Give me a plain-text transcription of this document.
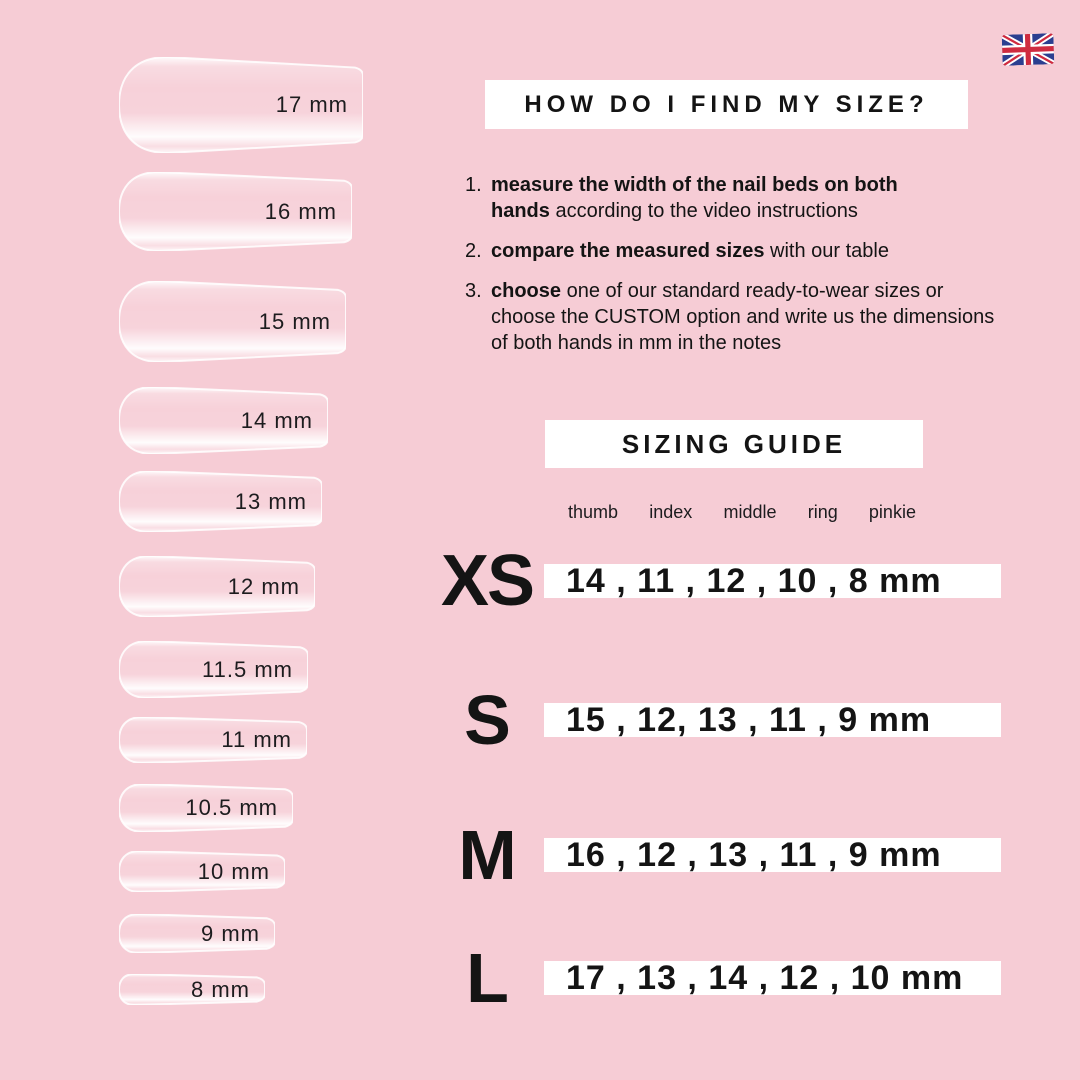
HOW DO I FIND MY SIZE?
1. measure the width of the nail beds on both
hands according to the video instructions
2. compare the measured sizes with our table
3. choose one of our standard ready-to-wear sizes or
choose the CUSTOM option and write us the dimensions
of both hands in mm in the notes
SIZING GUIDE
thumb index middle ring pinkie
XS 14 , 11 , 12 , 10 , 8 mm
S	15 , 12, 13 , 11 , 9 mm
M	16 , 12 , 13 , 11 , 9 mm
L	17 , 13 , 14 , 12 , 10 mm
17 mm
16 mm
15 mm
14 mm
13 mm
12 mm
11.5 mm
11 mm
10.5 mm
10 mm
9 mm
8 mm
